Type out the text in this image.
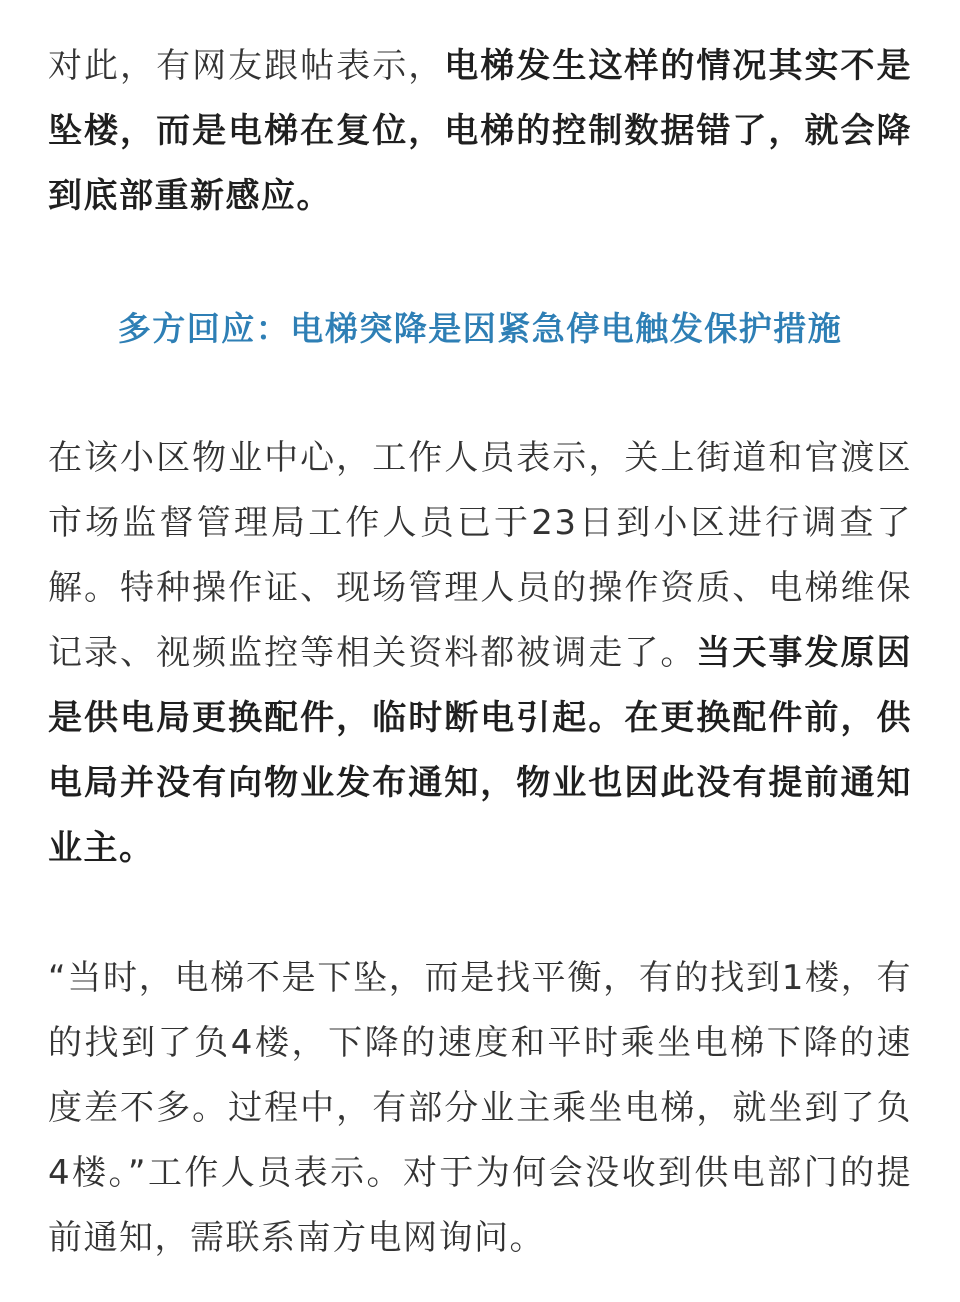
对此，有网友跟帖表示，电梯发生这样的情况其实不是坠楼，而是电梯在复位，电梯的控制数据错了，就会降到底部重新感应。

多方回应：电梯突降是因紧急停电触发保护措施

在该小区物业中心，工作人员表示，关上街道和官渡区市场监督管理局工作人员已于23日到小区进行调查了解。特种操作证、现场管理人员的操作资质、电梯维保记录、视频监控等相关资料都被调走了。当天事发原因是供电局更换配件，临时断电引起。在更换配件前，供电局并没有向物业发布通知，物业也因此没有提前通知业主。

“当时，电梯不是下坠，而是找平衡，有的找到1楼，有的找到了负4楼，下降的速度和平时乘坐电梯下降的速度差不多。过程中，有部分业主乘坐电梯，就坐到了负4楼。”工作人员表示。对于为何会没收到供电部门的提前通知，需联系南方电网询问。
